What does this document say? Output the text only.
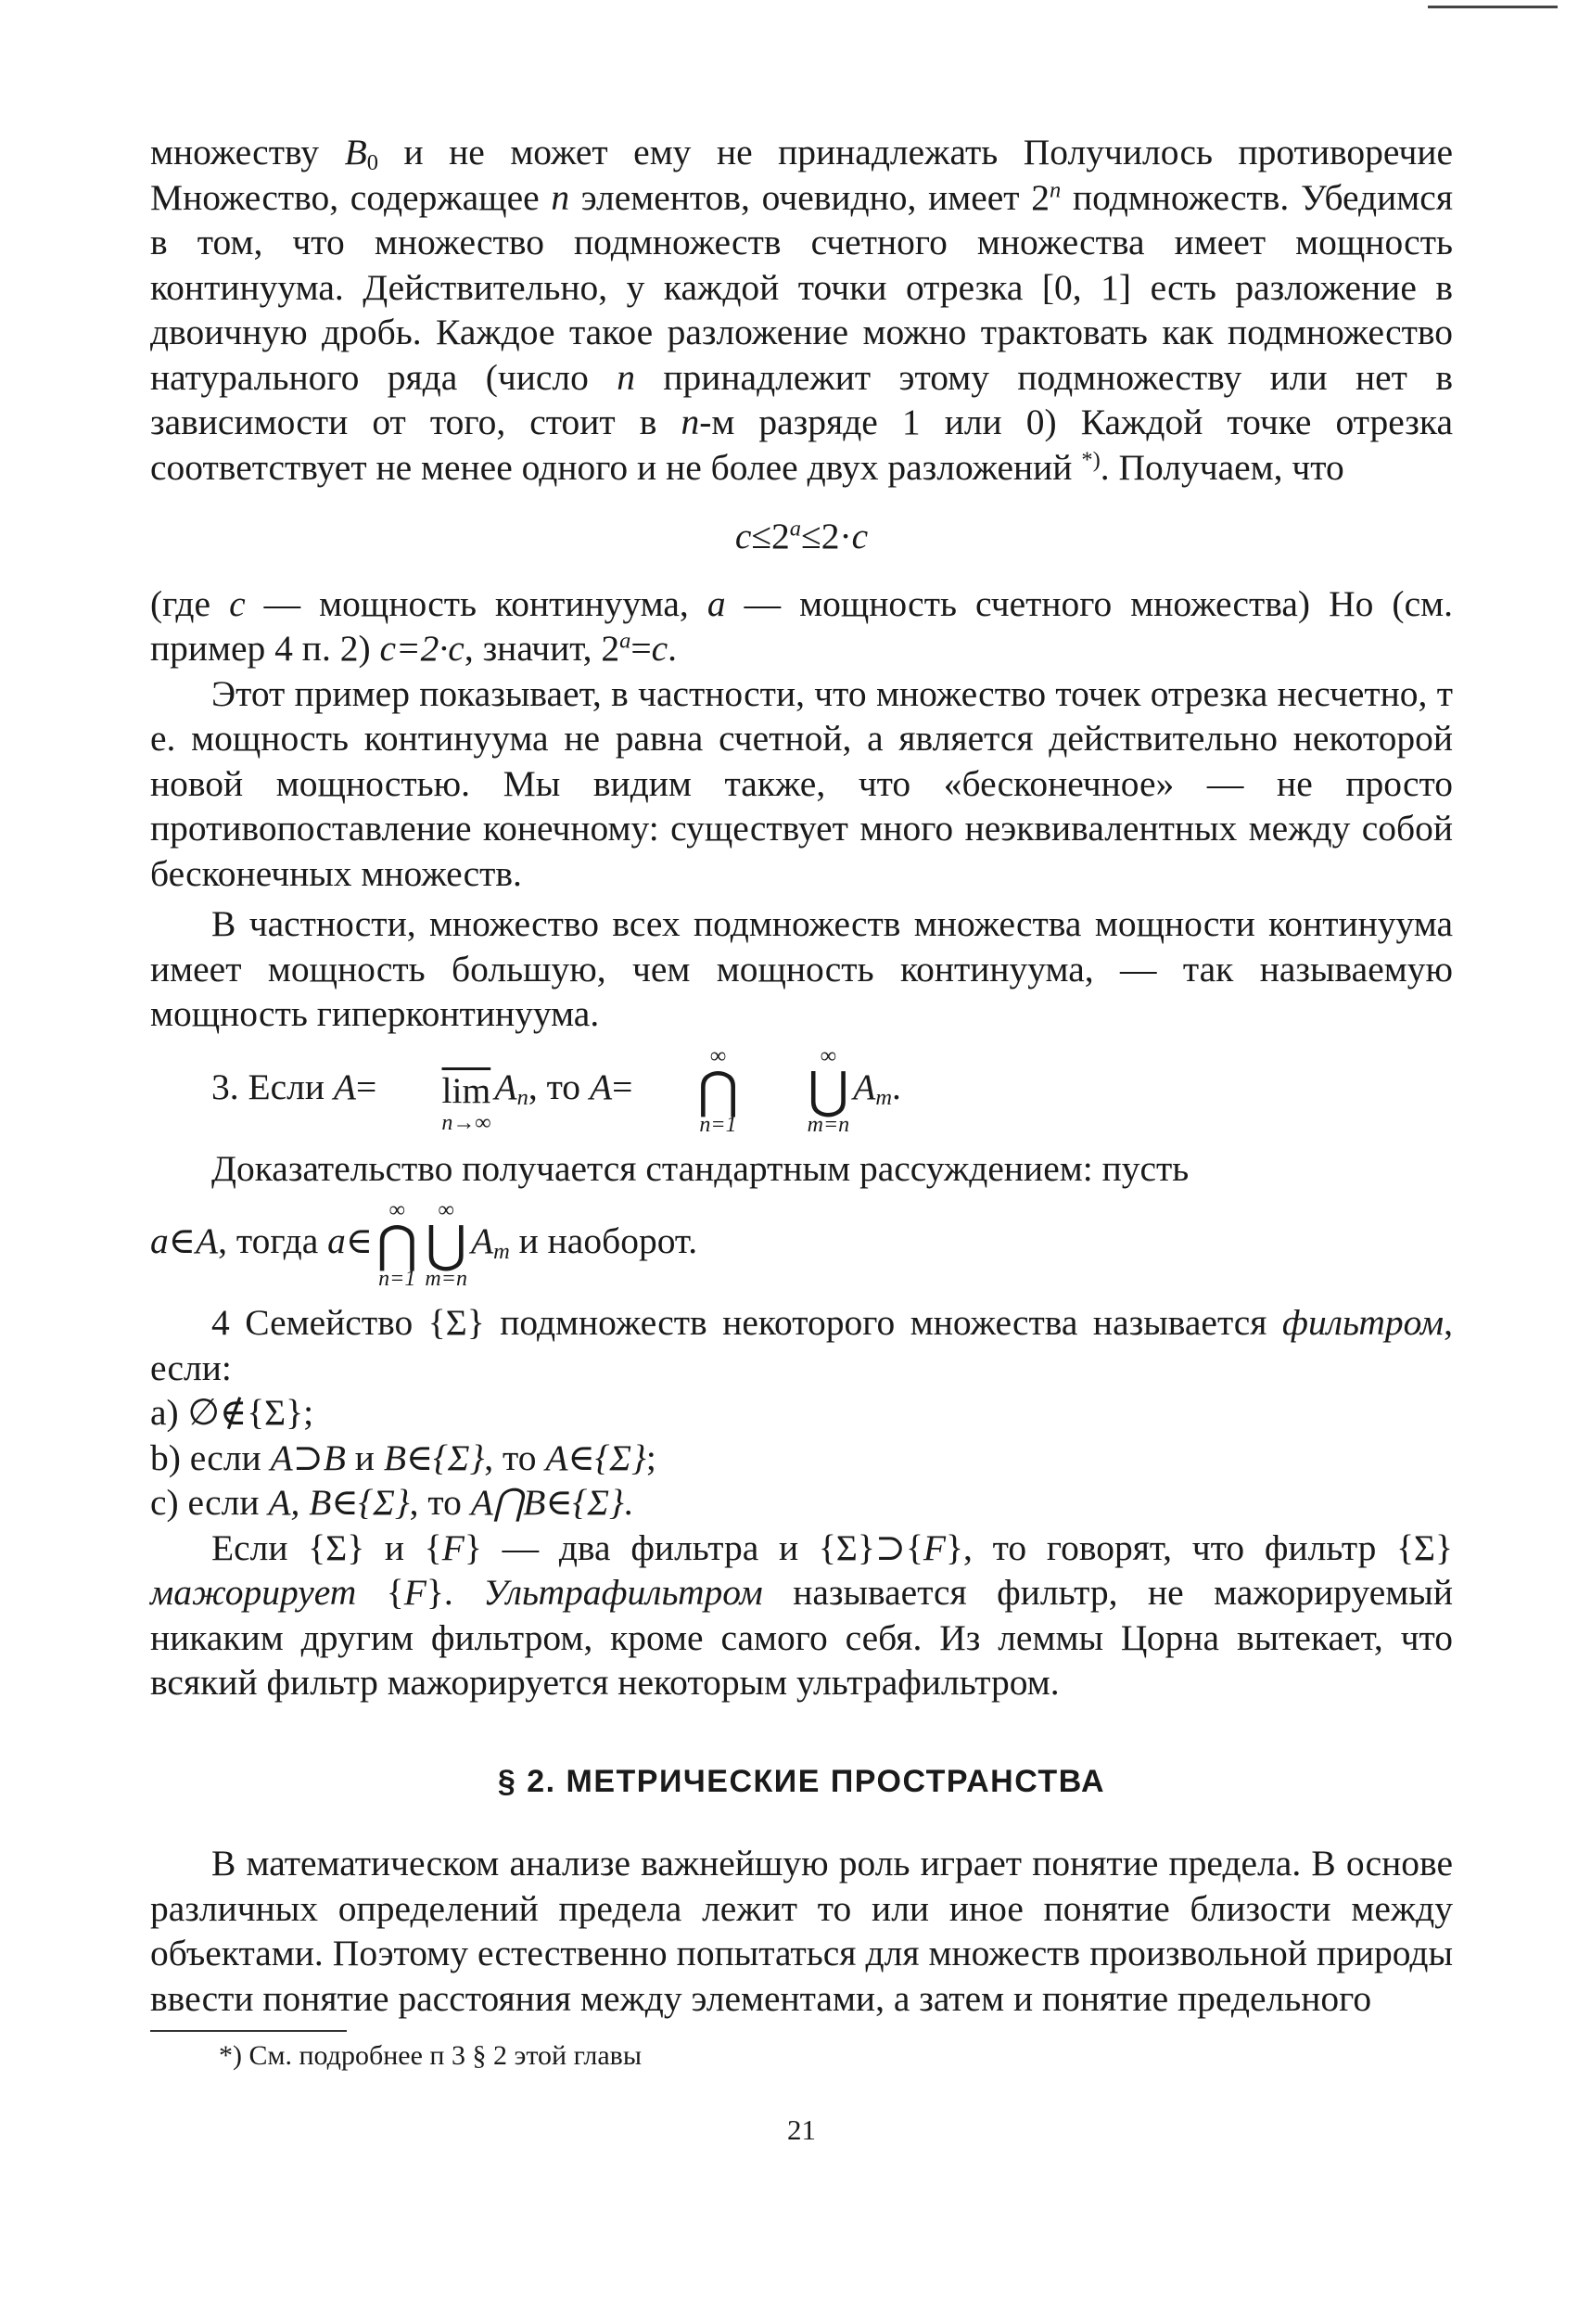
множеству $B_0$ и не может ему не принадлежать Получилось противоречие Множество, содержащее n элементов, очевидно, имеет 2$^n$ подмножеств. Убедимся в том, что множество подмножеств счетного множества имеет мощность континуума. Действительно, у каждой точки отрезка [0, 1] есть разложение в двоичную дробь. Каждое такое разложение можно трактовать как подмножество натурального ряда (число n принадлежит этому подмножеству или нет в зависимости от того, стоит в n-м разряде 1 или 0) Каждой точке отрезка соответствует не менее одного и не более двух разложений *). Получаем, что

$c\le 2^a\le 2\cdot c$

(где c — мощность континуума, a — мощность счетного множества) Но (см. пример 4 п. 2) c=2·c, значит, $2^a=c$.

Этот пример показывает, в частности, что множество точек отрезка несчетно, т е. мощность континуума не равна счетной, а является действительно некоторой новой мощностью. Мы видим также, что «бесконечное» — не просто противопоставление конечному: существует много неэквивалентных между собой бесконечных множеств.

В частности, множество всех подмножеств множества мощности континуума имеет мощность большую, чем мощность континуума, — так называемую мощность гиперконтинуума.

3. Если A=
	$\overline{lim}$
n→∞
$A_n$, то A=
∞
⋂
n=1
∞
⋃
m=n
$A_m$.

Доказательство получается стандартным рассуждением: пусть

a∈A, тогда a∈
∞
⋂
n=1
∞
⋃
m=n
$A_m$ и наоборот.

4 Семейство {Σ} подмножеств некоторого множества называется фильтром, если:

a) ∅∉{Σ};

b) если A⊃B и B∈{Σ}, то A∈{Σ};

c) если A, B∈{Σ}, то A⋂B∈{Σ}.

Если {Σ} и {F} — два фильтра и {Σ}⊃{F}, то говорят, что фильтр {Σ} мажорирует {F}. Ультрафильтром называется фильтр, не мажорируемый никаким другим фильтром, кроме самого себя. Из леммы Цорна вытекает, что всякий фильтр мажорируется некоторым ультрафильтром.

§ 2. МЕТРИЧЕСКИЕ ПРОСТРАНСТВА

В математическом анализе важнейшую роль играет понятие предела. В основе различных определений предела лежит то или иное понятие близости между объектами. Поэтому естественно попытаться для множеств произвольной природы ввести понятие расстояния между элементами, а затем и понятие предельного

*) См. подробнее п 3 § 2 этой главы

21
